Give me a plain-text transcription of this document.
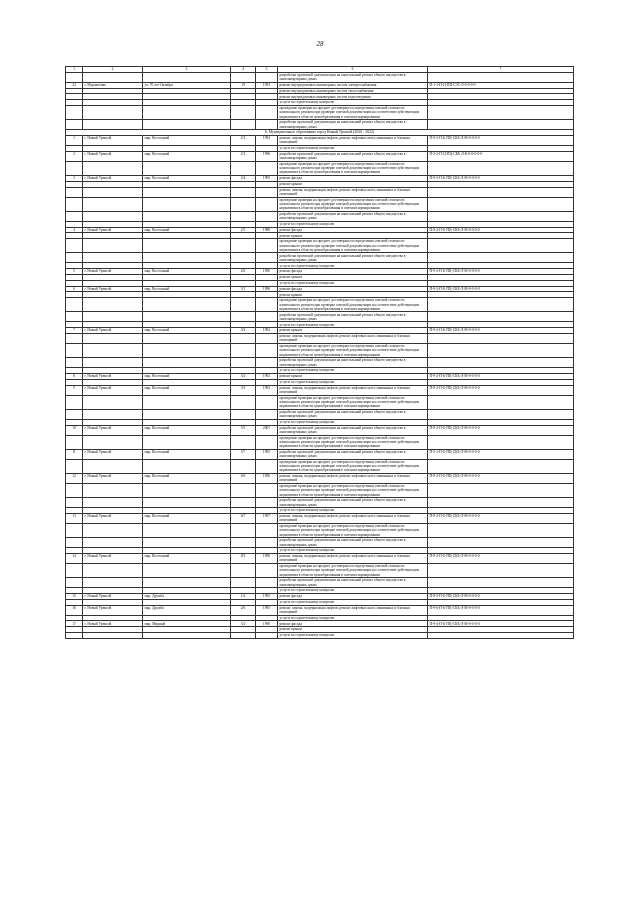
28
1	2	3	4	5	6	7
					разработка проектной документации на капитальный ремонт общего имущества в многоквартирных домах	
24	г. Муравленко	ул. 70 лет Октября	19	1993	ремонт внутридомовых инженерных систем электроснабжения	П-1-1-П-Ц-ПП-СЭС-0-0-0-0-0
					ремонт внутридомовых инженерных систем теплоснабжения	
					ремонт внутридомовых инженерных систем водоотведения	
					услуги по строительному контролю	
					проведение проверки на предмет достоверности определения сметной стоимости капитального ремонта при проверке сметной документации на соответствие действующим нормативам в области ценообразования в сметном нормировании	
					разработка проектной документации на капитальный ремонт общего имущества в многоквартирных домах	
6. Муниципальное образование город Новый Уренгой (2020 - 2022)						
1	г. Новый Уренгой	мкр. Восточный	2/1	1994	ремонт, замена, модернизация лифтов, ремонт лифтовых шахт, машинных и блочных помещений	П-9-3-П-Б-ПЦ-СКБ-Л-М-0-0-0-0
					услуги по строительному контролю	
2	г. Новый Уренгой	мкр. Восточный	2/1	1996	разработка проектной документации на капитальный ремонт общего имущества в многоквартирных домах	П-5-2-П-Ц-ПЦ-СКБ-Л-К-0-0-0-0-0
					проведение проверки на предмет достоверности определения сметной стоимости капитального ремонта при проверке сметной документации на соответствие действующим нормативам в области ценообразования в сметном нормировании	
3	г. Новый Уренгой	мкр. Восточный	2/4	1995	ремонт фасада	П-9-3-П-Б-ПЦ-СКБ-Л-М-0-0-0-0
					ремонт крыши	
					ремонт, замена, модернизация лифтов, ремонт лифтовых шахт, машинных и блочных помещений	
					проведение проверки на предмет достоверности определения сметной стоимости капитального ремонта при проверке сметной документации на соответствие действующим нормативам в области ценообразования в сметном нормировании	
					разработка проектной документации на капитальный ремонт общего имущества в многоквартирных домах	
					услуги по строительному контролю	
4	г. Новый Уренгой	мкр. Восточный	2/5	1988	ремонт фасада	П-9-2-П-Б-ПЦ-СКБ-Л-М-0-0-0-0
					ремонт крыши	
					проведение проверки на предмет достоверности определения сметной стоимости капитального ремонта при проверке сметной документации на соответствие действующим нормативам в области ценообразования в сметном нормировании	
					разработка проектной документации на капитальный ремонт общего имущества в многоквартирных домах	
					услуги по строительному контролю	
5	г. Новый Уренгой	мкр. Восточный	2/6	1990	ремонт фасада	П-9-2-П-Б-ПЦ-СКБ-Л-М-0-0-0-0
					ремонт крыши	
					услуги по строительному контролю	
6	г. Новый Уренгой	мкр. Восточный	3/1	1990	ремонт фасада	П-9-2-П-Б-ПЦ-СКБ-Л-М-0-0-0-0
					ремонт крыши	
					проведение проверки на предмет достоверности определения сметной стоимости капитального ремонта при проверке сметной документации на соответствие действующим нормативам в области ценообразования в сметном нормировании	
					разработка проектной документации на капитальный ремонт общего имущества в многоквартирных домах	
					услуги по строительному контролю	
7	г. Новый Уренгой	мкр. Восточный	3/2	1992	ремонт крыши	П-9-2-П-Б-ПЦ-СКБ-Л-М-0-0-0-0
					ремонт, замена, модернизация лифтов, ремонт лифтовых шахт, машинных и блочных помещений	
					проведение проверки на предмет достоверности определения сметной стоимости капитального ремонта при проверке сметной документации на соответствие действующим нормативам в области ценообразования в сметном нормировании	
					разработка проектной документации на капитальный ремонт общего имущества в многоквартирных домах	
					услуги по строительному контролю	
8	г. Новый Уренгой	мкр. Восточный	3/2	1992	ремонт крыши	П-9-2-П-Б-ПЦ-СКБ-Л-М-0-0-0-0
					услуги по строительному контролю	
9	г. Новый Уренгой	мкр. Восточный	3/3	1992	ремонт, замена, модернизация лифтов, ремонт лифтовых шахт, машинных и блочных помещений	П-9-2-П-Б-ПЦ-СКБ-Л-М-0-0-0-0
					проведение проверки на предмет достоверности определения сметной стоимости капитального ремонта при проверке сметной документации на соответствие действующим нормативам в области ценообразования в сметном нормировании	
					разработка проектной документации на капитальный ремонт общего имущества в многоквартирных домах	
					услуги по строительному контролю	
10	г. Новый Уренгой	мкр. Восточный	5/5	2001	разработка проектной документации на капитальный ремонт общего имущества в многоквартирных домах	П-9-2-П-Б-ПЦ-СКБ-Л-М-0-0-0-0
					проведение проверки на предмет достоверности определения сметной стоимости капитального ремонта при проверке сметной документации на соответствие действующим нормативам в области ценообразования в сметном нормировании	
11	г. Новый Уренгой	мкр. Восточный	5/7	1995	разработка проектной документации на капитальный ремонт общего имущества в многоквартирных домах	П-5-1-П-Б-ПЦ-СКБ-Л-М-0-0-0-0
					проведение проверки на предмет достоверности определения сметной стоимости капитального ремонта при проверке сметной документации на соответствие действующим нормативам в области ценообразования в сметном нормировании	
12	г. Новый Уренгой	мкр. Восточный	6/6	1996	ремонт, замена, модернизация лифтов, ремонт лифтовых шахт, машинных и блочных помещений	П-9-2-П-Б-ПЦ-СКБ-Л-М-0-0-0-0
					проведение проверки на предмет достоверности определения сметной стоимости капитального ремонта при проверке сметной документации на соответствие действующим нормативам в области ценообразования в сметном нормировании	
					разработка проектной документации на капитальный ремонт общего имущества в многоквартирных домах	
					услуги по строительному контролю	
13	г. Новый Уренгой	мкр. Восточный	6/7	1997	ремонт, замена, модернизация лифтов, ремонт лифтовых шахт, машинных и блочных помещений	П-9-2-П-Б-ПЦ-СКБ-Л-М-0-0-0-0
					проведение проверки на предмет достоверности определения сметной стоимости капитального ремонта при проверке сметной документации на соответствие действующим нормативам в области ценообразования в сметном нормировании	
					разработка проектной документации на капитальный ремонт общего имущества в многоквартирных домах	
					услуги по строительному контролю	
14	г. Новый Уренгой	мкр. Восточный	8/3	1998	ремонт, замена, модернизация лифтов, ремонт лифтовых шахт, машинных и блочных помещений	П-9-2-П-Б-ПЦ-СКБ-Л-М-0-0-0-0
					проведение проверки на предмет достоверности определения сметной стоимости капитального ремонта при проверке сметной документации на соответствие действующим нормативам в области ценообразования в сметном нормировании	
					разработка проектной документации на капитальный ремонт общего имущества в многоквартирных домах	
					услуги по строительному контролю	
15	г. Новый Уренгой	мкр. Дружба	1/4	1995	ремонт фасада	П-9-5-П-Б-ПЦ-СКБ-Л-М-0-0-0-0
					услуги по строительному контролю	
16	г. Новый Уренгой	мкр. Дружба	2/6	1995	ремонт, замена, модернизация лифтов, ремонт лифтовых шахт, машинных и блочных помещений	П-9-6-П-Б-ПЦ-СКБ-Л-М-0-0-0-0
					услуги по строительному контролю	
17	г. Новый Уренгой	мкр. Мирный	3/2	1990	ремонт фасада	П-9-4-П-Б-ПЦ-СКБ-Л-М-0-0-0-0
					ремонт крыши	
					услуги по строительному контролю	
